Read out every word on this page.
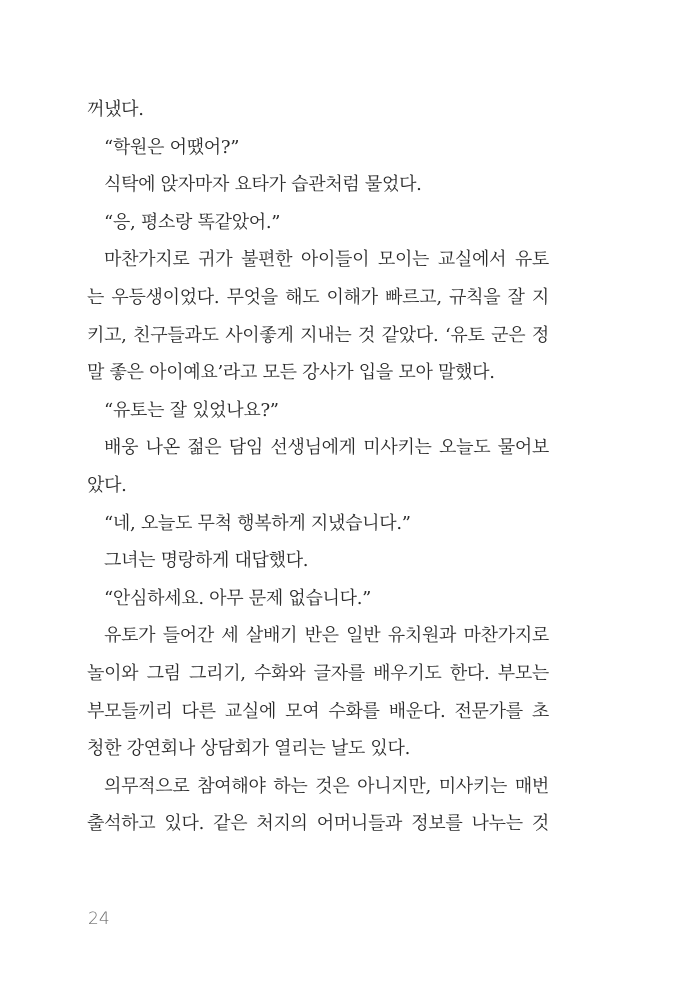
꺼냈다.
“학원은 어땠어?”
식탁에 앉자마자 요타가 습관처럼 물었다.
“응, 평소랑 똑같았어.”
마찬가지로 귀가 불편한 아이들이 모이는 교실에서 유토
는 우등생이었다. 무엇을 해도 이해가 빠르고, 규칙을 잘 지
키고, 친구들과도 사이좋게 지내는 것 같았다. ‘유토 군은 정
말 좋은 아이예요’라고 모든 강사가 입을 모아 말했다.
“유토는 잘 있었나요?”
배웅 나온 젊은 담임 선생님에게 미사키는 오늘도 물어보
았다.
“네, 오늘도 무척 행복하게 지냈습니다.”
그녀는 명랑하게 대답했다.
“안심하세요. 아무 문제 없습니다.”
유토가 들어간 세 살배기 반은 일반 유치원과 마찬가지로
놀이와 그림 그리기, 수화와 글자를 배우기도 한다. 부모는
부모들끼리 다른 교실에 모여 수화를 배운다. 전문가를 초
청한 강연회나 상담회가 열리는 날도 있다.
의무적으로 참여해야 하는 것은 아니지만, 미사키는 매번
출석하고 있다. 같은 처지의 어머니들과 정보를 나누는 것
24
